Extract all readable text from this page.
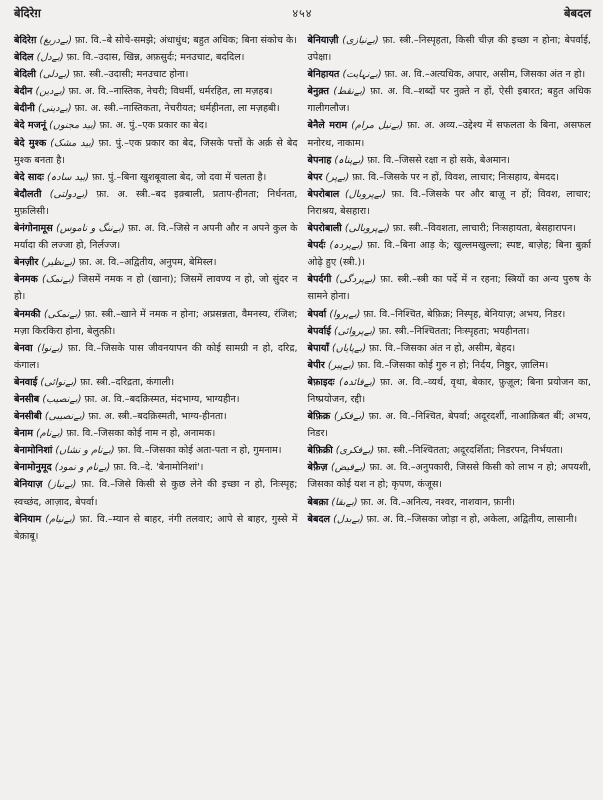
बेदिरेग़	४५४	बेबदल
बेदिरेग़ (بےدریغ) फ़ा. वि.–बे सोचे-समझे; अंधाधुंध; बहुत अधिक; बिना संकोच के।
बेदिल (بےدل) फ़ा. वि.–उदास, खिन्न, अफ़सुर्दः; मनउचाट, बददिल।
बेदिली (بےدلی) फ़ा. स्त्री.–उदासी; मनउचाट होना।
बेदीन (بےدین) फ़ा. अ. वि.–नास्तिक, नेचरी; विधर्मी, धर्मरहित, ला मज़हब।
बेदीनी (بےدینی) फ़ा. अ. स्त्री.–नास्तिकता, नेचरीयत; धर्महीनता, ला मज़हबी।
बेदे मजनूं (بید مجنوں) फ़ा. अ. पुं.–एक प्रकार का बेद।
बेदे मुश्क (بید مشک) फ़ा. पुं.–एक प्रकार का बेद, जिसके पत्तों के अर्क़ से बेद मुश्क बनता है।
बेदे सादः (بید سادہ) फ़ा. पुं.–बिना खुशबूवाला बेद, जो दवा में चलता है।
बेदौलती (بےدولتی) फ़ा. अ. स्त्री.–बद इक़्बाली, प्रताप-हीनता; निर्धनता, मुफ़लिसी।
बेनंगोनामूस (بےننگ و ناموس) फ़ा. अ. वि.–जिसे न अपनी और न अपने कुल के मर्यादा की लज्जा हो, निर्लज्ज।
बेनज़ीर (بےنظیر) फ़ा. अ. वि.–अद्वितीय, अनुपम, बेमिस्ल।
बेनमक (بےنمک) जिसमें नमक न हो (खाना); जिसमें लावण्य न हो, जो सुंदर न हो।
बेनमकी (بےنمکی) फ़ा. स्त्री.–खाने में नमक न होना; अप्रसन्नता, वैमनस्य, रंजिश; मज़ा किरकिरा होना, बेलुत्फ़ी।
बेनवा (بےنوا) फ़ा. वि.–जिसके पास जीवनयापन की कोई सामग्री न हो, दरिद्र, कंगाल।
बेनवाई (بےنوائی) फ़ा. स्त्री.–दरिद्रता, कंगाली।
बेनसीब (بےنصیب) फ़ा. अ. वि.–बदक़िस्मत, मंदभाग्य, भाग्यहीन।
बेनसीबी (بےنصیبی) फ़ा. अ. स्त्री.–बदक़िस्मती, भाग्य-हीनता।
बेनाम (بےنام) फ़ा. वि.–जिसका कोई नाम न हो, अनामक।
बेनामोनिशां (بےنام و نشاں) फ़ा. वि.–जिसका कोई अता-पता न हो, गुमनाम।
बेनामोनुमूद (بےنام و نمود) फ़ा. वि.–दे. 'बेनामोनिशां'।
बेनियाज़ (بےنیاز) फ़ा. वि.–जिसे किसी से कुछ लेने की इच्छा न हो, निःस्पृह; स्वच्छंद, आज़ाद, बेपर्वा।
बेनियाम (بےنیام) फ़ा. वि.–म्यान से बाहर, नंगी तलवार; आपे से बाहर, गुस्से में बेक़ाबू।
बेनियाज़ी (بےنیازی) फ़ा. स्त्री.–निस्पृहता, किसी चीज़ की इच्छा न होना; बेपर्वाई, उपेक्षा।
बेनिहायत (بےنہایت) फ़ा. अ. वि.–अत्यधिक, अपार, असीम, जिसका अंत न हो।
बेनुक़्त (بےنقط) फ़ा. अ. वि.–शब्दों पर नुक़्ते न हों, ऐसी इबारत; बहुत अधिक गालीगलौज।
बेनैले मराम (بےنیل مرام) फ़ा. अ. अव्य.–उद्देश्य में सफलता के बिना, असफल मनोरथ, नाकाम।
बेपनाह (بےپناہ) फ़ा. वि.–जिससे रक्षा न हो सके, बेअमान।
बेपर (بےپر) फ़ा. वि.–जिसके पर न हों, विवश, लाचार; निःसहाय, बेमदद।
बेपरोबाल (بےپروبال) फ़ा. वि.–जिसके पर और बाज़ू न हों; विवश, लाचार; निराश्रय, बेसहारा।
बेपरोबाली (بےپروبالی) फ़ा. स्त्री.–विवशता, लाचारी; निःसहायता, बेसहारापन।
बेपर्दः (بےپردہ) फ़ा. वि.–बिना आड़ के; खुल्लमखुल्ला; स्पष्ट, बाज़ेह; बिना बुर्क़ा ओढ़े हुए (स्त्री.)।
बेपर्दगी (بےپردگی) फ़ा. स्त्री.–स्त्री का पर्दे में न रहना; स्त्रियों का अन्य पुरुष के सामने होना।
बेपर्वा (بےپروا) फ़ा. वि.–निश्चित, बेफ़िक्र; निस्पृह, बेनियाज़; अभय, निडर।
बेपर्वाई (بےپروائی) फ़ा. स्त्री.–निश्चितता; निःस्पृहता; भयहीनता।
बेपायाँ (بےپایاں) फ़ा. वि.–जिसका अंत न हो, असीम, बेहद।
बेपीर (بےپیر) फ़ा. वि.–जिसका कोई गुरु न हो; निर्दय, निष्ठुर, ज़ालिम।
बेफ़ाइदः (بےفائدہ) फ़ा. अ. वि.–व्यर्थ, वृथा, बेकार, फ़ुज़ूल; बिना प्रयोजन का, निष्प्रयोजन, रद्दी।
बेफ़िक्र (بےفکر) फ़ा. अ. वि.–निश्चित, बेपर्वा; अदूरदर्शी, नाआक़िबत बीं; अभय, निडर।
बेफ़िक्री (بےفکری) फ़ा. स्त्री.–निश्चितता; अदूरदर्शिता; निडरपन, निर्भयता।
बेफ़ैज़ (بےفیض) फ़ा. अ. वि.–अनुपकारी, जिससे किसी को लाभ न हो; अपयशी, जिसका कोई यश न हो; कृपण, कंजूस।
बेबक़ा (بےبقا) फ़ा. अ. वि.–अनित्य, नश्वर, नाशवान, फ़ानी।
बेबदल (بےبدل) फ़ा. अ. वि.–जिसका जोड़ा न हो, अकेला, अद्वितीय, लासानी।
